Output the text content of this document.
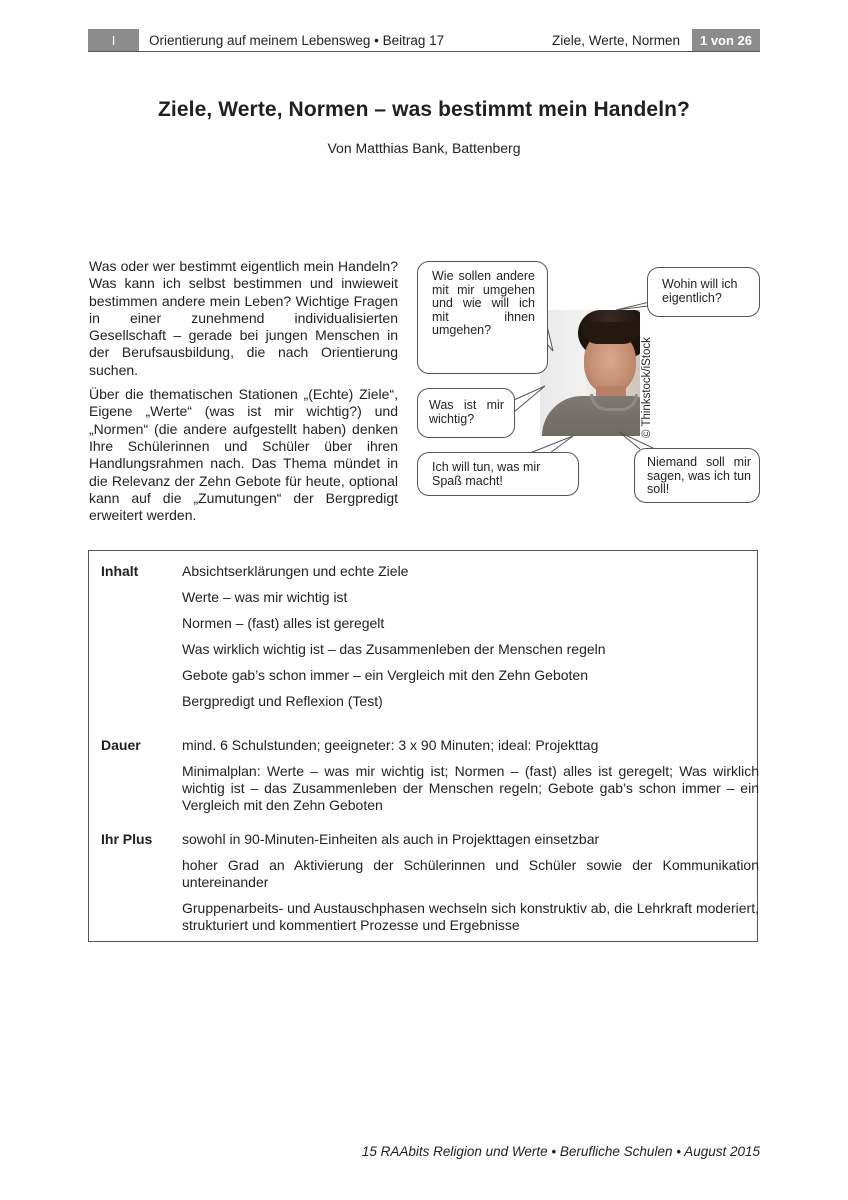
I	Orientierung auf meinem Lebensweg • Beitrag 17	Ziele, Werte, Normen	1 von 26
Ziele, Werte, Normen – was bestimmt mein Handeln?
Von Matthias Bank, Battenberg

Was oder wer bestimmt eigentlich mein Handeln? Was kann ich selbst bestimmen und inwieweit bestimmen andere mein Leben? Wichtige Fragen in einer zunehmend individualisierten Gesellschaft – gerade bei jungen Menschen in der Berufsausbildung, die nach Orientierung suchen.

Über die thematischen Stationen „(Echte) Ziele“, Eigene „Werte“ (was ist mir wichtig?) und „Normen“ (die andere aufgestellt haben) denken Ihre Schülerinnen und Schüler über ihren Handlungsrahmen nach. Das Thema mündet in die Relevanz der Zehn Gebote für heute, optional kann auf die „Zumutungen“ der Bergpredigt erweitert werden.

© Thinkstock/iStock
Wie sollen andere mit mir umgehen und wie will ich mit ihnen umgehen?
Wohin will ich eigentlich?
Was ist mir wichtig?
Ich will tun, was mir Spaß macht!
Niemand soll mir sagen, was ich tun soll!
Inhalt	Absichtserklärungen und echte Ziele
Werte – was mir wichtig ist
Normen – (fast) alles ist geregelt
Was wirklich wichtig ist – das Zusammenleben der Menschen regeln
Gebote gab’s schon immer – ein Vergleich mit den Zehn Geboten
Bergpredigt und Reflexion (Test)
Dauer	mind. 6 Schulstunden; geeigneter: 3 x 90 Minuten; ideal: Projekttag
Minimalplan: Werte – was mir wichtig ist; Normen – (fast) alles ist geregelt; Was wirklich wichtig ist – das Zusammenleben der Menschen regeln; Gebote gab’s schon immer – ein Vergleich mit den Zehn Geboten
Ihr Plus	sowohl in 90-Minuten-Einheiten als auch in Projekttagen einsetzbar
hoher Grad an Aktivierung der Schülerinnen und Schüler sowie der Kommunikation untereinander
Gruppenarbeits- und Austauschphasen wechseln sich konstruktiv ab, die Lehrkraft moderiert, strukturiert und kommentiert Prozesse und Ergebnisse
15 RAAbits Religion und Werte • Berufliche Schulen • August 2015
